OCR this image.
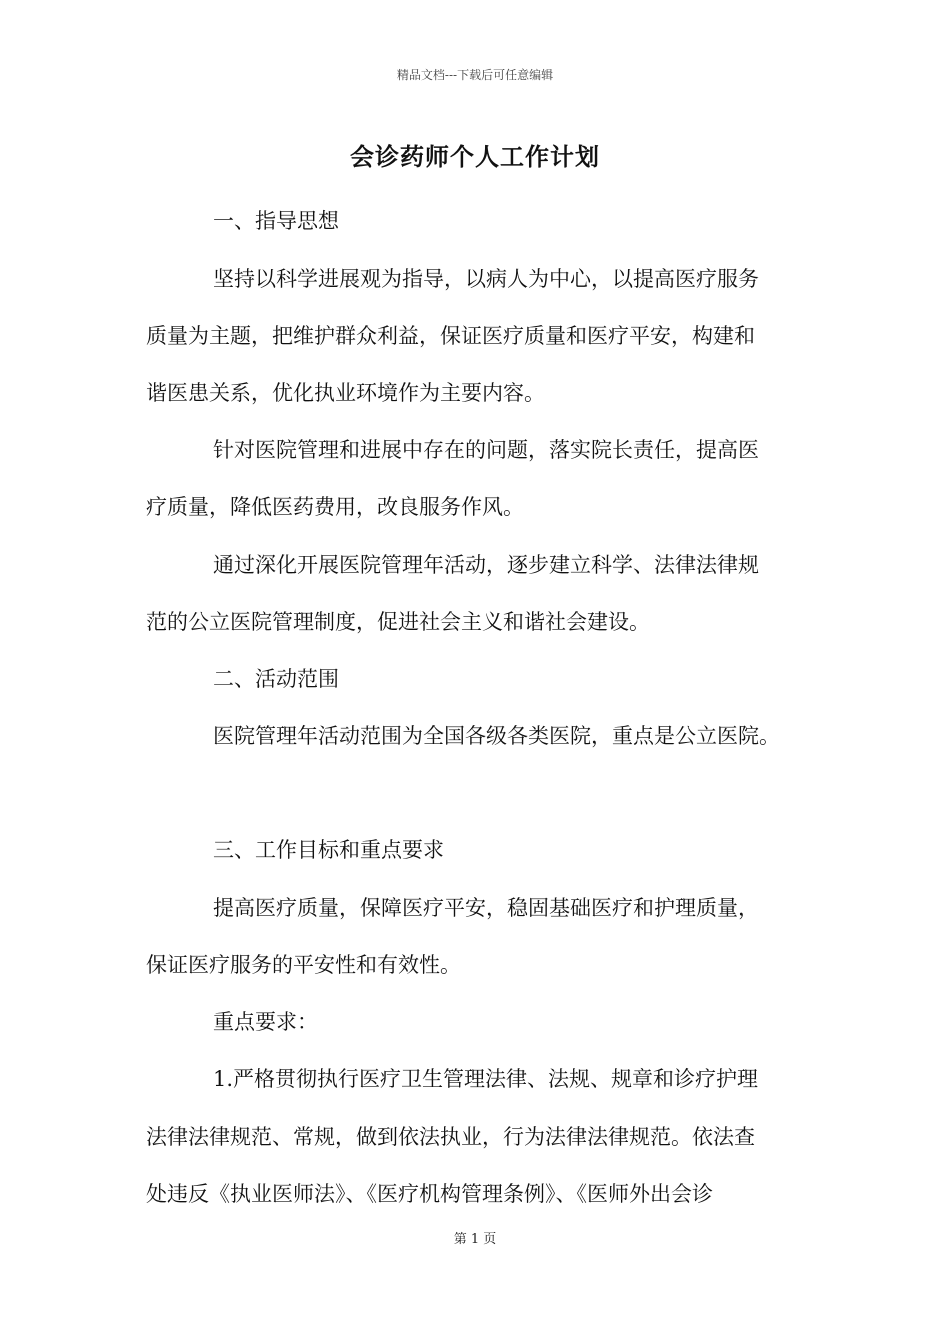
精品文档---下载后可任意编辑
会诊药师个人工作计划
一、指导思想
坚持以科学进展观为指导，以病人为中心，以提高医疗服务
质量为主题，把维护群众利益，保证医疗质量和医疗平安，构建和
谐医患关系，优化执业环境作为主要内容。
针对医院管理和进展中存在的问题，落实院长责任，提高医
疗质量，降低医药费用，改良服务作风。
通过深化开展医院管理年活动，逐步建立科学、法律法律规
范的公立医院管理制度，促进社会主义和谐社会建设。
二、活动范围
医院管理年活动范围为全国各级各类医院，重点是公立医院。
三、工作目标和重点要求
提高医疗质量，保障医疗平安，稳固基础医疗和护理质量，
保证医疗服务的平安性和有效性。
重点要求：
1.严格贯彻执行医疗卫生管理法律、法规、规章和诊疗护理
法律法律规范、常规，做到依法执业，行为法律法律规范。依法查
处违反《执业医师法》、《医疗机构管理条例》、《医师外出会诊
第 1 页
